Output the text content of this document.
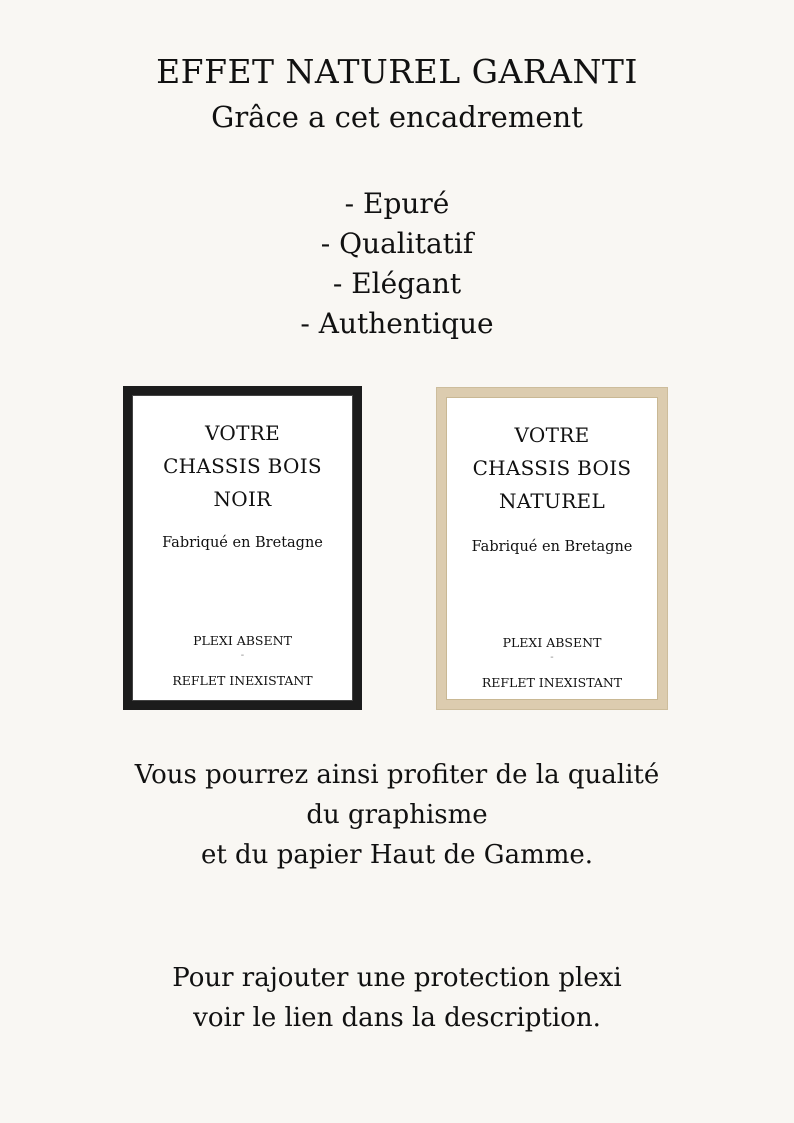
EFFET NATUREL GARANTI
Grâce a cet encadrement
- Epuré
- Qualitatif
- Elégant
- Authentique
VOTRE
CHASSIS BOIS
NOIR
Fabriqué en Bretagne
PLEXI ABSENT
-
REFLET INEXISTANT
VOTRE
CHASSIS BOIS
NATUREL
Fabriqué en Bretagne
PLEXI ABSENT
-
REFLET INEXISTANT
Vous pourrez ainsi profiter de la qualité
du graphisme
et du papier Haut de Gamme.
Pour rajouter une protection plexi
voir le lien dans la description.
